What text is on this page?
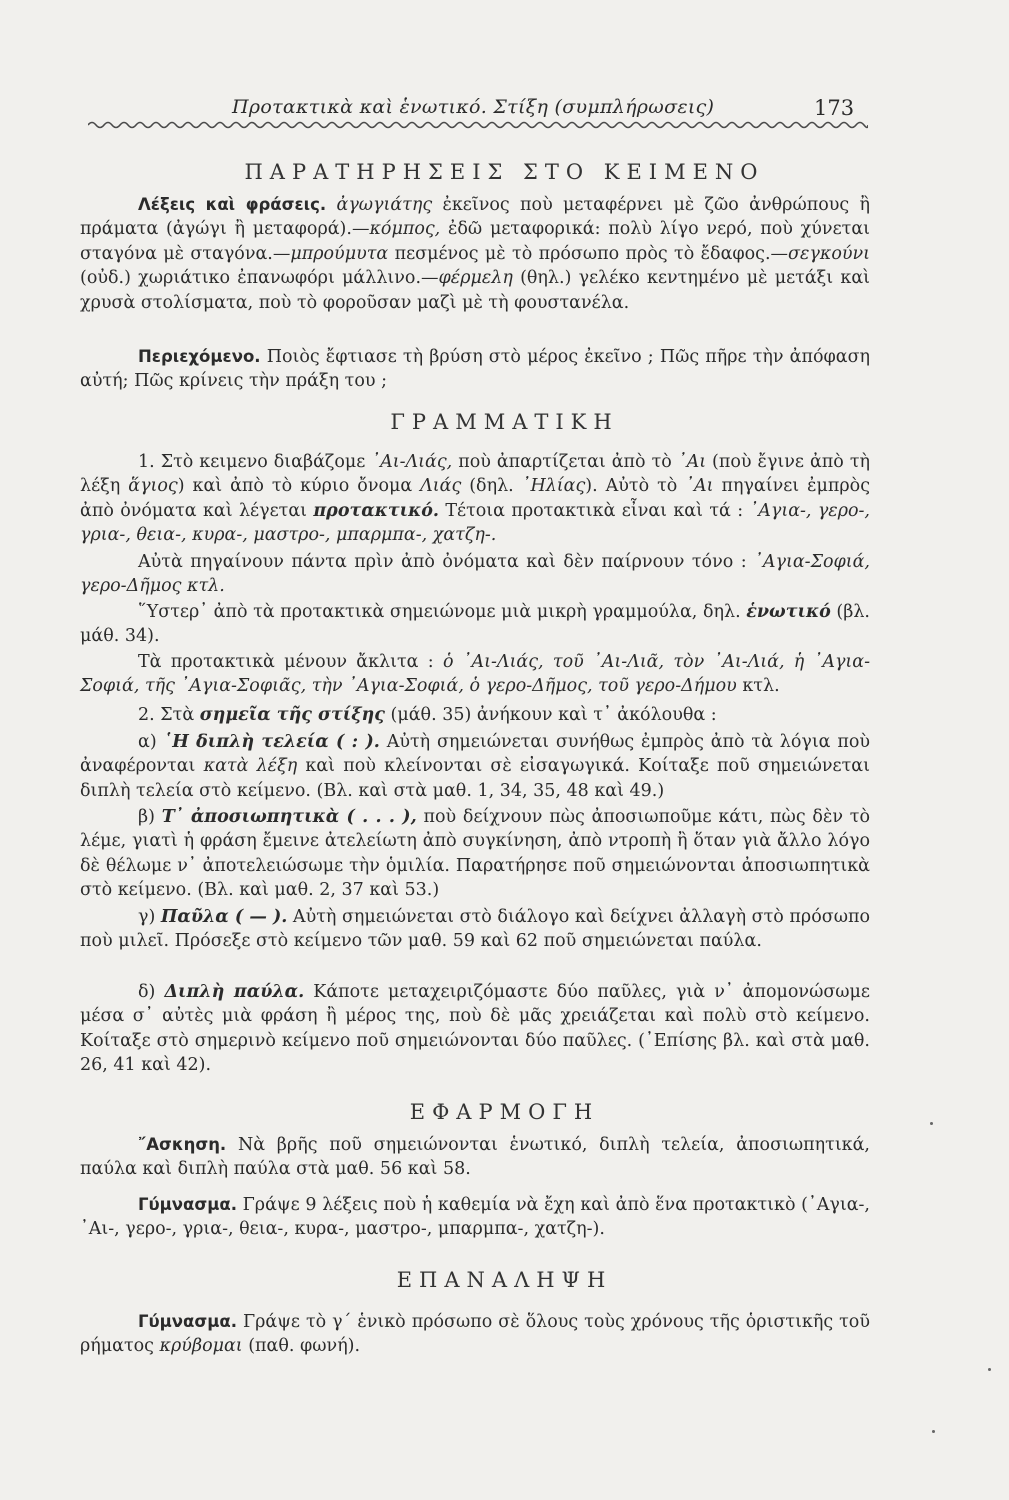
Προτακτικὰ καὶ ἑνωτικό. Στίξη (συμπλήρωσεις)	173
ΠΑΡΑΤΗΡΗΣΕΙΣ ΣΤΟ ΚΕΙΜΕΝΟ
Λέξεις καὶ φράσεις. ἀγωγιάτης ἐκεῖνος ποὺ μεταφέρνει μὲ ζῶο ἀνθρώπους ἢ πράματα (ἀγώγι ἢ μεταφορά).—κόμπος, ἐδῶ μεταφορικά: πολὺ λίγο νερό, ποὺ χύνεται σταγόνα μὲ σταγόνα.—μπρούμυτα πεσμένος μὲ τὸ πρόσωπο πρὸς τὸ ἔδαφος.—σεγκούνι (οὐδ.) χωριάτικο ἐπανωφόρι μάλλινο.—φέρμελη (θηλ.) γελέκο κεντημένο μὲ μετάξι καὶ χρυσὰ στολίσματα, ποὺ τὸ φοροῦσαν μαζὶ μὲ τὴ φουστανέλα.
Περιεχόμενο. Ποιὸς ἔφτιασε τὴ βρύση στὸ μέρος ἐκεῖνο ; Πῶς πῆρε τὴν ἀπόφαση αὐτή; Πῶς κρίνεις τὴν πράξη του ;
ΓΡΑΜΜΑΤΙΚΗ
1. Στὸ κειμενο διαβάζομε ᾿Αι-Λιάς, ποὺ ἀπαρτίζεται ἀπὸ τὸ ᾿Αι (ποὺ ἔγινε ἀπὸ τὴ λέξη ἅγιος) καὶ ἀπὸ τὸ κύριο ὄνομα Λιάς (δηλ. ᾿Ηλίας). Αὐτὸ τὸ ᾿Αι πηγαίνει ἐμπρὸς ἀπὸ ὀνόματα καὶ λέγεται προτακτικό. Τέτοια προτακτικὰ εἶναι καὶ τά : ᾿Αγια-, γερο-, γρια-, θεια-, κυρα-, μαστρο-, μπαρμπα-, χατζη-.
Αὐτὰ πηγαίνουν πάντα πρὶν ἀπὸ ὀνόματα καὶ δὲν παίρνουν τόνο : ᾿Αγια-Σοφιά, γερο-Δῆμος κτλ.
῞Υστερ᾿ ἀπὸ τὰ προτακτικὰ σημειώνομε μιὰ μικρὴ γραμμούλα, δηλ. ἑνωτικό (βλ. μάθ. 34).
Τὰ προτακτικὰ μένουν ἄκλιτα : ὁ ᾿Αι-Λιάς, τοῦ ᾿Αι-Λιᾶ, τὸν ᾿Αι-Λιά, ἡ ᾿Αγια-Σοφιά, τῆς ᾿Αγια-Σοφιᾶς, τὴν ᾿Αγια-Σοφιά, ὁ γερο-Δῆμος, τοῦ γερο-Δήμου κτλ.
2. Στὰ σημεῖα τῆς στίξης (μάθ. 35) ἀνήκουν καὶ τ᾿ ἀκόλουθα :
α) ῾Η διπλὴ τελεία ( : ). Αὐτὴ σημειώνεται συνήθως ἐμπρὸς ἀπὸ τὰ λόγια ποὺ ἀναφέρονται κατὰ λέξη καὶ ποὺ κλείνονται σὲ εἰσαγωγικά. Κοίταξε ποῦ σημειώνεται διπλὴ τελεία στὸ κείμενο. (Βλ. καὶ στὰ μαθ. 1, 34, 35, 48 καὶ 49.)
β) Τ᾿ ἀποσιωπητικὰ ( . . . ), ποὺ δείχνουν πὼς ἀποσιωποῦμε κάτι, πὼς δὲν τὸ λέμε, γιατὶ ἡ φράση ἔμεινε ἀτελείωτη ἀπὸ συγκίνηση, ἀπὸ ντροπὴ ἢ ὅταν γιὰ ἄλλο λόγο δὲ θέλωμε ν᾿ ἀποτελειώσωμε τὴν ὁμιλία. Παρατήρησε ποῦ σημειώνονται ἀποσιωπητικὰ στὸ κείμενο. (Βλ. καὶ μαθ. 2, 37 καὶ 53.)
γ) Παῦλα ( — ). Αὐτὴ σημειώνεται στὸ διάλογο καὶ δείχνει ἀλλαγὴ στὸ πρόσωπο ποὺ μιλεῖ. Πρόσεξε στὸ κείμενο τῶν μαθ. 59 καὶ 62 ποῦ σημειώνεται παύλα.
δ) Διπλὴ παύλα. Κάποτε μεταχειριζόμαστε δύο παῦλες, γιὰ ν᾿ ἀπομονώσωμε μέσα σ᾿ αὐτὲς μιὰ φράση ἢ μέρος της, ποὺ δὲ μᾶς χρειάζεται καὶ πολὺ στὸ κείμενο. Κοίταξε στὸ σημερινὸ κείμενο ποῦ σημειώνονται δύο παῦλες. (᾿Επίσης βλ. καὶ στὰ μαθ. 26, 41 καὶ 42).
ΕΦΑΡΜΟΓΗ
῎Ασκηση. Νὰ βρῆς ποῦ σημειώνονται ἑνωτικό, διπλὴ τελεία, ἀποσιωπητικά, παύλα καὶ διπλὴ παύλα στὰ μαθ. 56 καὶ 58.
Γύμνασμα. Γράψε 9 λέξεις ποὺ ἡ καθεμία νὰ ἔχη καὶ ἀπὸ ἕνα προτακτικὸ (᾿Αγια-, ᾿Αι-, γερο-, γρια-, θεια-, κυρα-, μαστρο-, μπαρμπα-, χατζη-).
ΕΠΑΝΑΛΗΨΗ
Γύμνασμα. Γράψε τὸ γ΄ ἑνικὸ πρόσωπο σὲ ὅλους τοὺς χρόνους τῆς ὁριστικῆς τοῦ ρήματος κρύβομαι (παθ. φωνή).
